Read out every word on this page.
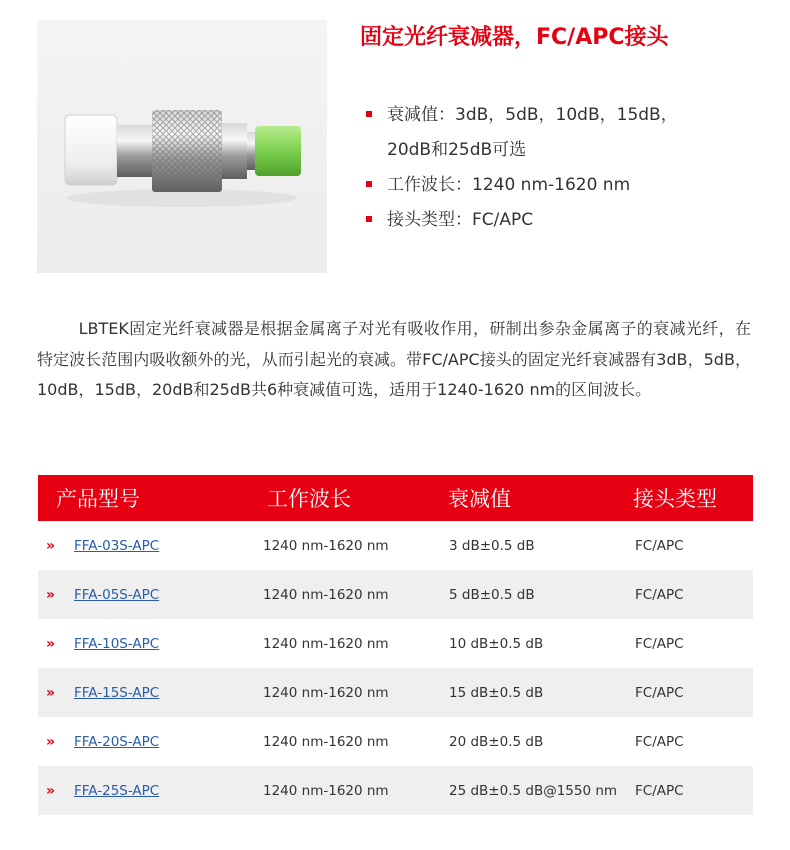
固定光纤衰减器，FC/APC接头
衰减值：3dB，5dB，10dB，15dB，
20dB和25dB可选
工作波长：1240 nm-1620 nm
接头类型：FC/APC

LBTEK固定光纤衰减器是根据金属离子对光有吸收作用，研制出参杂金属离子的衰减光纤，在特定波长范围内吸收额外的光，从而引起光的衰减。带FC/APC接头的固定光纤衰减器有3dB，5dB，10dB，15dB，20dB和25dB共6种衰减值可选，适用于1240-1620 nm的区间波长。

产品型号	工作波长	衰减值	接头类型
» FFA-03S-APC	1240 nm-1620 nm	3 dB±0.5 dB	FC/APC
» FFA-05S-APC	1240 nm-1620 nm	5 dB±0.5 dB	FC/APC
» FFA-10S-APC	1240 nm-1620 nm	10 dB±0.5 dB	FC/APC
» FFA-15S-APC	1240 nm-1620 nm	15 dB±0.5 dB	FC/APC
» FFA-20S-APC	1240 nm-1620 nm	20 dB±0.5 dB	FC/APC
» FFA-25S-APC	1240 nm-1620 nm	25 dB±0.5 dB@1550 nm	FC/APC
